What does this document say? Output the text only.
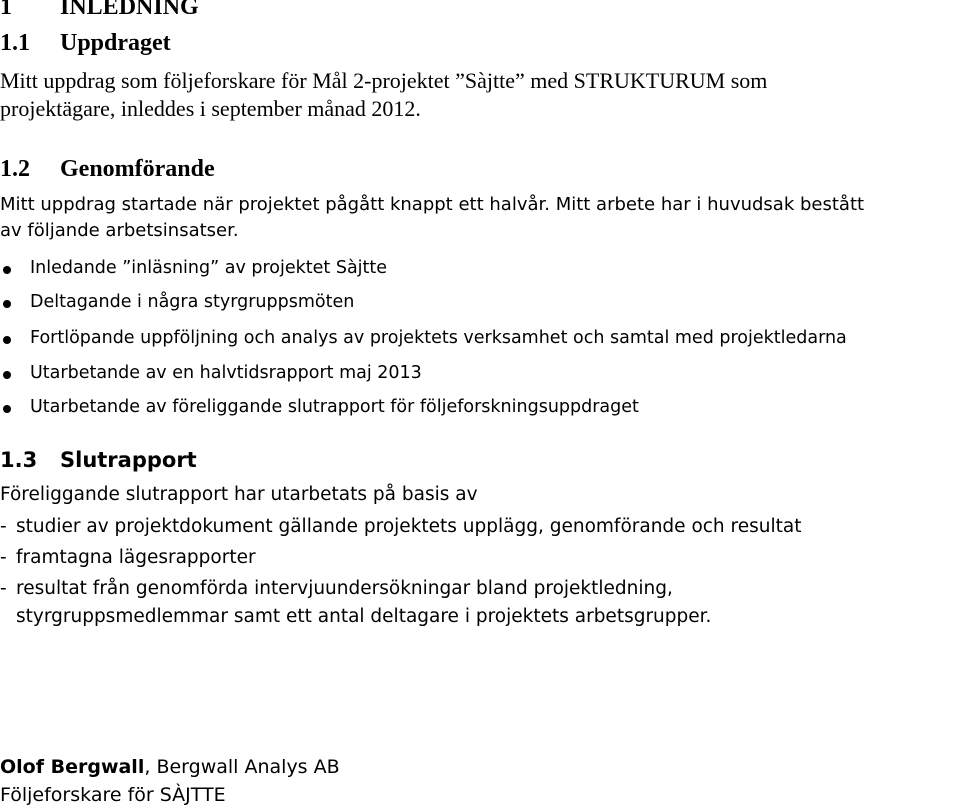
1 INLEDNING
1.1 Uppdraget
Mitt uppdrag som följeforskare för Mål 2-projektet ”Sàjtte” med STRUKTURUM som
projektägare, inleddes i september månad 2012.
1.2 Genomförande
Mitt uppdrag startade när projektet pågått knappt ett halvår. Mitt arbete har i huvudsak bestått
av följande arbetsinsatser.
Inledande ”inläsning” av projektet Sàjtte
Deltagande i några styrgruppsmöten
Fortlöpande uppföljning och analys av projektets verksamhet och samtal med projektledarna
Utarbetande av en halvtidsrapport maj 2013
Utarbetande av föreliggande slutrapport för följeforskningsuppdraget
1.3 Slutrapport
Föreliggande slutrapport har utarbetats på basis av
- studier av projektdokument gällande projektets upplägg, genomförande och resultat
- framtagna lägesrapporter
- resultat från genomförda intervjuundersökningar bland projektledning,
styrgruppsmedlemmar samt ett antal deltagare i projektets arbetsgrupper.
Olof Bergwall, Bergwall Analys AB
Följeforskare för SÀJTTE
